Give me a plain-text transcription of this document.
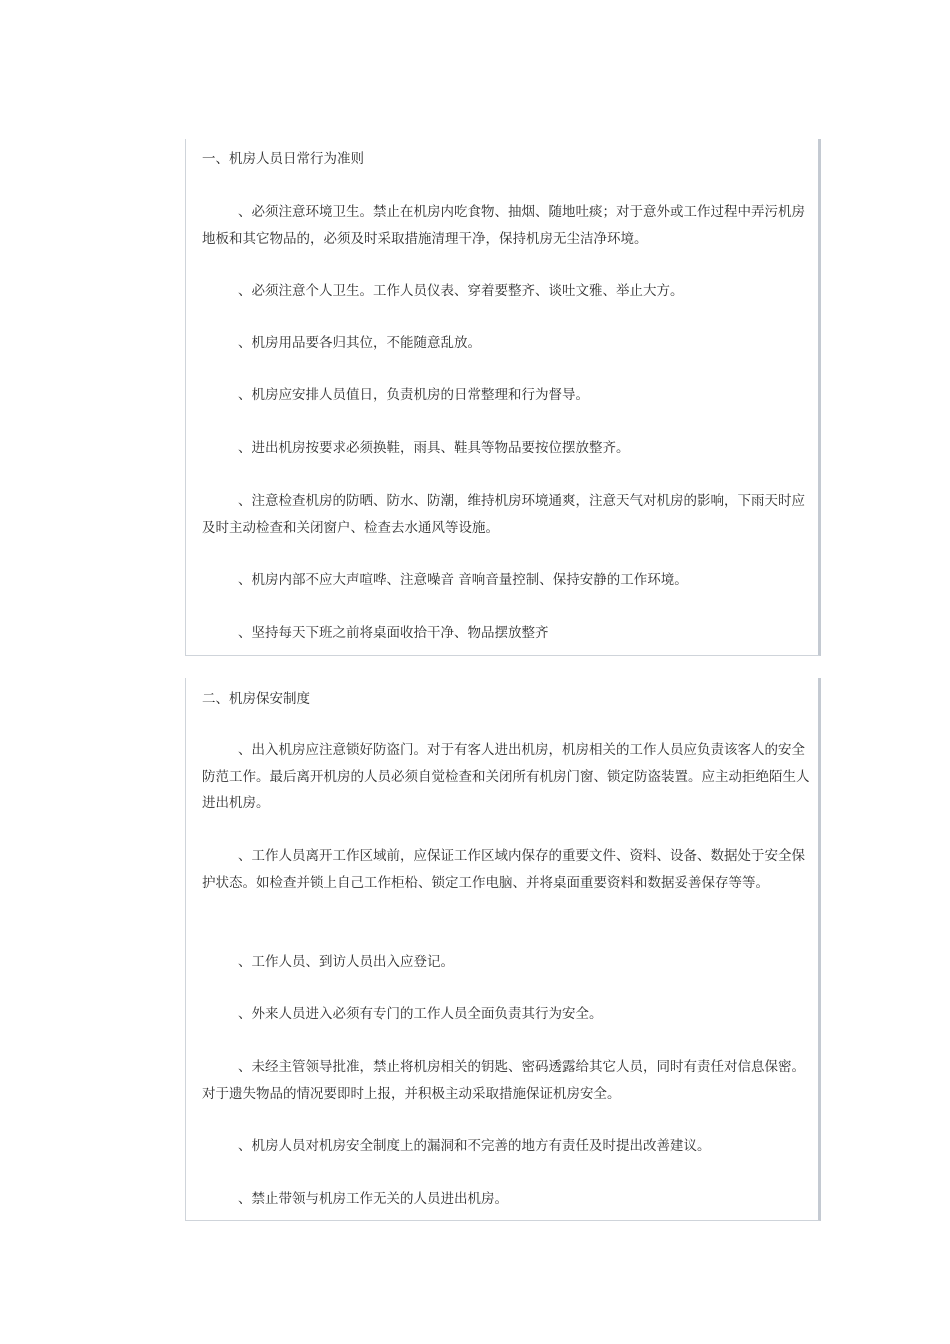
一、机房人员日常行为准则

、必须注意环境卫生。禁止在机房内吃食物、抽烟、随地吐痰；对于意外或工作过程中弄污机房地板和其它物品的，必须及时采取措施清理干净，保持机房无尘洁净环境。

、必须注意个人卫生。工作人员仪表、穿着要整齐、谈吐文雅、举止大方。

、机房用品要各归其位，不能随意乱放。

、机房应安排人员值日，负责机房的日常整理和行为督导。

、进出机房按要求必须换鞋，雨具、鞋具等物品要按位摆放整齐。

、注意检查机房的防晒、防水、防潮，维持机房环境通爽，注意天气对机房的影响，下雨天时应及时主动检查和关闭窗户、检查去水通风等设施。

、机房内部不应大声喧哗、注意噪音 音响音量控制、保持安静的工作环境。

、坚持每天下班之前将桌面收拾干净、物品摆放整齐

二、机房保安制度

、出入机房应注意锁好防盗门。对于有客人进出机房，机房相关的工作人员应负责该客人的安全防范工作。最后离开机房的人员必须自觉检查和关闭所有机房门窗、锁定防盗装置。应主动拒绝陌生人进出机房。

、工作人员离开工作区域前，应保证工作区域内保存的重要文件、资料、设备、数据处于安全保护状态。如检查并锁上自己工作柜柗、锁定工作电脑、并将桌面重要资料和数据妥善保存等等。

、工作人员、到访人员出入应登记。

、外来人员进入必须有专门的工作人员全面负责其行为安全。

、未经主管领导批准，禁止将机房相关的钥匙、密码透露给其它人员，同时有责任对信息保密。对于遗失物品的情况要即时上报，并积极主动采取措施保证机房安全。

、机房人员对机房安全制度上的漏洞和不完善的地方有责任及时提出改善建议。

、禁止带领与机房工作无关的人员进出机房。
